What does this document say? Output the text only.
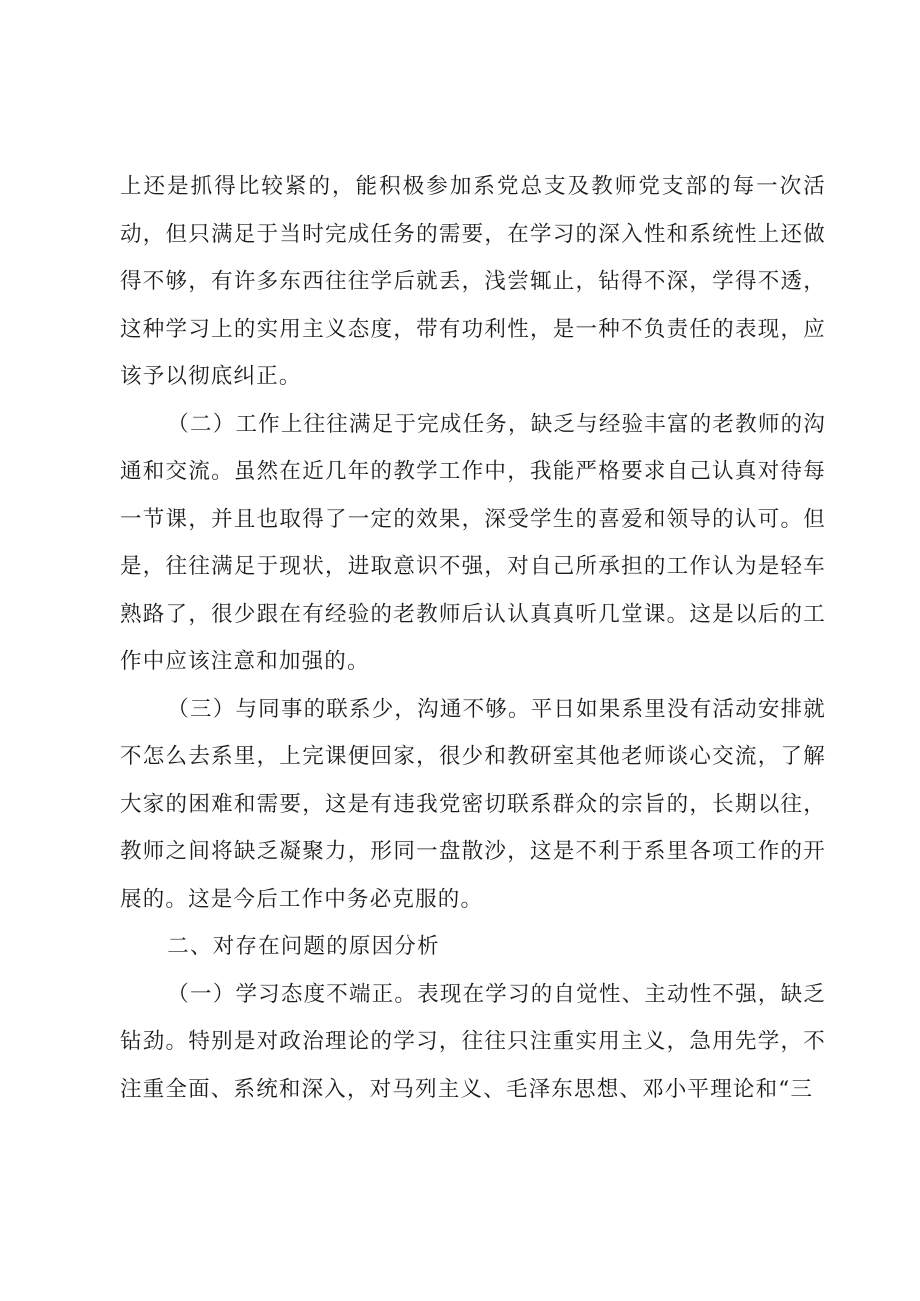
上还是抓得比较紧的，能积极参加系党总支及教师党支部的每一次活动，但只满足于当时完成任务的需要，在学习的深入性和系统性上还做得不够，有许多东西往往学后就丢，浅尝辄止，钻得不深，学得不透，这种学习上的实用主义态度，带有功利性，是一种不负责任的表现，应该予以彻底纠正。

（二）工作上往往满足于完成任务，缺乏与经验丰富的老教师的沟通和交流。虽然在近几年的教学工作中，我能严格要求自己认真对待每一节课，并且也取得了一定的效果，深受学生的喜爱和领导的认可。但是，往往满足于现状，进取意识不强，对自己所承担的工作认为是轻车熟路了，很少跟在有经验的老教师后认认真真听几堂课。这是以后的工作中应该注意和加强的。

（三）与同事的联系少，沟通不够。平日如果系里没有活动安排就不怎么去系里，上完课便回家，很少和教研室其他老师谈心交流，了解大家的困难和需要，这是有违我党密切联系群众的宗旨的，长期以往，教师之间将缺乏凝聚力，形同一盘散沙，这是不利于系里各项工作的开展的。这是今后工作中务必克服的。

二、对存在问题的原因分析

（一）学习态度不端正。表现在学习的自觉性、主动性不强，缺乏钻劲。特别是对政治理论的学习，往往只注重实用主义，急用先学，不注重全面、系统和深入，对马列主义、毛泽东思想、邓小平理论和“三
